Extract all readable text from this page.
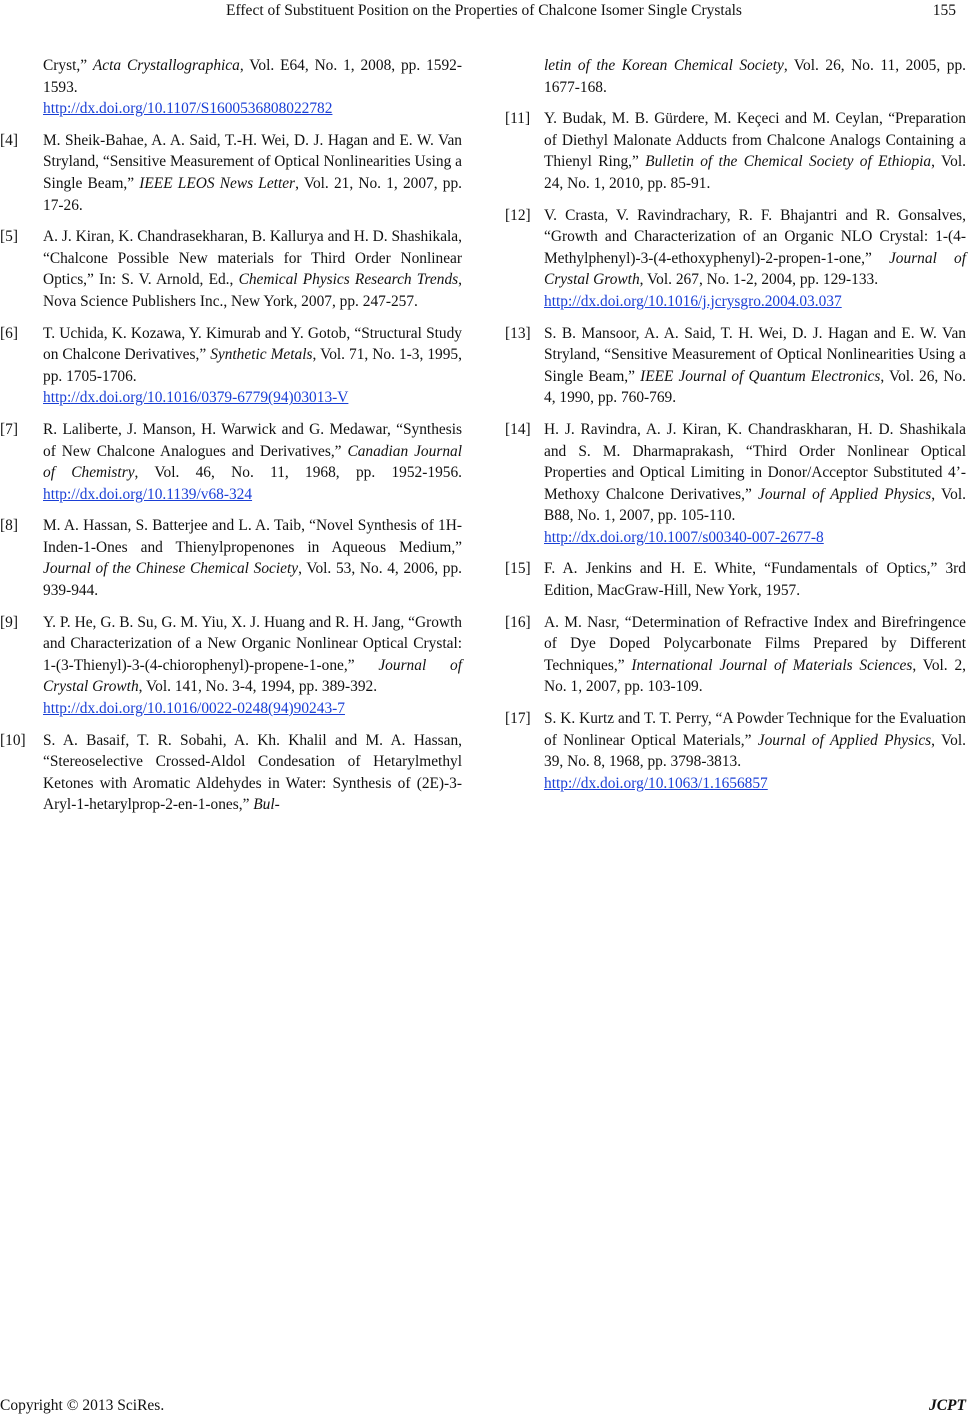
Effect of Substituent Position on the Properties of Chalcone Isomer Single Crystals	155
Cryst,” Acta Crystallographica, Vol. E64, No. 1, 2008, pp. 1592-1593.
http://dx.doi.org/10.1107/S1600536808022782
[4] M. Sheik-Bahae, A. A. Said, T.-H. Wei, D. J. Hagan and E. W. Van Stryland, “Sensitive Measurement of Optical Nonlinearities Using a Single Beam,” IEEE LEOS News Letter, Vol. 21, No. 1, 2007, pp. 17-26.
[5] A. J. Kiran, K. Chandrasekharan, B. Kallurya and H. D. Shashikala, “Chalcone Possible New materials for Third Order Nonlinear Optics,” In: S. V. Arnold, Ed., Chemical Physics Research Trends, Nova Science Publishers Inc., New York, 2007, pp. 247-257.
[6] T. Uchida, K. Kozawa, Y. Kimurab and Y. Gotob, “Structural Study on Chalcone Derivatives,” Synthetic Metals, Vol. 71, No. 1-3, 1995, pp. 1705-1706.
http://dx.doi.org/10.1016/0379-6779(94)03013-V
[7] R. Laliberte, J. Manson, H. Warwick and G. Medawar, “Synthesis of New Chalcone Analogues and Derivatives,” Canadian Journal of Chemistry, Vol. 46, No. 11, 1968, pp. 1952-1956. http://dx.doi.org/10.1139/v68-324
[8] M. A. Hassan, S. Batterjee and L. A. Taib, “Novel Synthesis of 1H-Inden-1-Ones and Thienylpropenones in Aqueous Medium,” Journal of the Chinese Chemical Society, Vol. 53, No. 4, 2006, pp. 939-944.
[9] Y. P. He, G. B. Su, G. M. Yiu, X. J. Huang and R. H. Jang, “Growth and Characterization of a New Organic Nonlinear Optical Crystal: 1-(3-Thienyl)-3-(4-chiorophenyl)-propene-1-one,” Journal of Crystal Growth, Vol. 141, No. 3-4, 1994, pp. 389-392.
http://dx.doi.org/10.1016/0022-0248(94)90243-7
[10] S. A. Basaif, T. R. Sobahi, A. Kh. Khalil and M. A. Hassan, “Stereoselective Crossed-Aldol Condesation of Hetarylmethyl Ketones with Aromatic Aldehydes in Water: Synthesis of (2E)-3-Aryl-1-hetarylprop-2-en-1-ones,” Bul-
letin of the Korean Chemical Society, Vol. 26, No. 11, 2005, pp. 1677-168.
[11] Y. Budak, M. B. Gürdere, M. Keçeci and M. Ceylan, “Preparation of Diethyl Malonate Adducts from Chalcone Analogs Containing a Thienyl Ring,” Bulletin of the Chemical Society of Ethiopia, Vol. 24, No. 1, 2010, pp. 85-91.
[12] V. Crasta, V. Ravindrachary, R. F. Bhajantri and R. Gonsalves, “Growth and Characterization of an Organic NLO Crystal: 1-(4-Methylphenyl)-3-(4-ethoxyphenyl)-2-propen-1-one,” Journal of Crystal Growth, Vol. 267, No. 1-2, 2004, pp. 129-133.
http://dx.doi.org/10.1016/j.jcrysgro.2004.03.037
[13] S. B. Mansoor, A. A. Said, T. H. Wei, D. J. Hagan and E. W. Van Stryland, “Sensitive Measurement of Optical Nonlinearities Using a Single Beam,” IEEE Journal of Quantum Electronics, Vol. 26, No. 4, 1990, pp. 760-769.
[14] H. J. Ravindra, A. J. Kiran, K. Chandraskharan, H. D. Shashikala and S. M. Dharmaprakash, “Third Order Nonlinear Optical Properties and Optical Limiting in Donor/Acceptor Substituted 4’-Methoxy Chalcone Derivatives,” Journal of Applied Physics, Vol. B88, No. 1, 2007, pp. 105-110.
http://dx.doi.org/10.1007/s00340-007-2677-8
[15] F. A. Jenkins and H. E. White, “Fundamentals of Optics,” 3rd Edition, MacGraw-Hill, New York, 1957.
[16] A. M. Nasr, “Determination of Refractive Index and Birefringence of Dye Doped Polycarbonate Films Prepared by Different Techniques,” International Journal of Materials Sciences, Vol. 2, No. 1, 2007, pp. 103-109.
[17] S. K. Kurtz and T. T. Perry, “A Powder Technique for the Evaluation of Nonlinear Optical Materials,” Journal of Applied Physics, Vol. 39, No. 8, 1968, pp. 3798-3813.
http://dx.doi.org/10.1063/1.1656857
Copyright © 2013 SciRes.	JCPT
